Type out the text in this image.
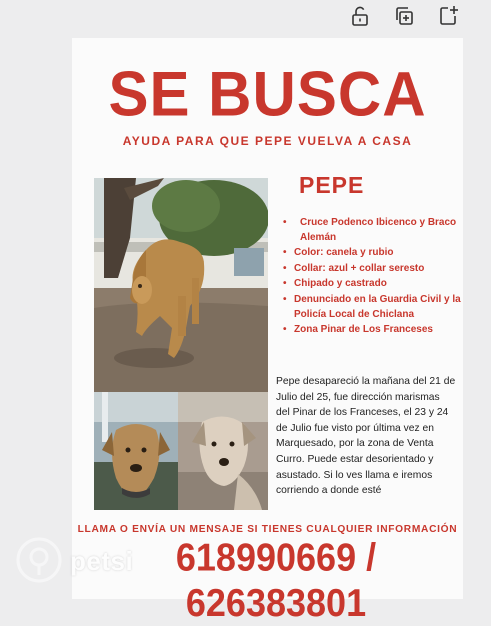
SE BUSCA
AYUDA PARA QUE PEPE VUELVA A CASA
PEPE
• Cruce Podenco Ibicenco y Braco Alemán
• Color: canela y rubio
• Collar: azul + collar seresto
• Chipado y castrado
• Denunciado en la Guardia Civil y la Policía Local de Chiclana
• Zona Pinar de Los Franceses
Pepe desapareció la mañana del 21 de Julio del 25, fue dirección marismas del Pinar de los Franceses, el 23 y 24 de Julio fue visto por última vez en Marquesado, por la zona de Venta Curro. Puede estar desorientado y asustado. Si lo ves llama e iremos corriendo a donde esté
LLAMA O ENVÍA UN MENSAJE SI TIENES CUALQUIER INFORMACIÓN
618990669 / 626383801
petsi
